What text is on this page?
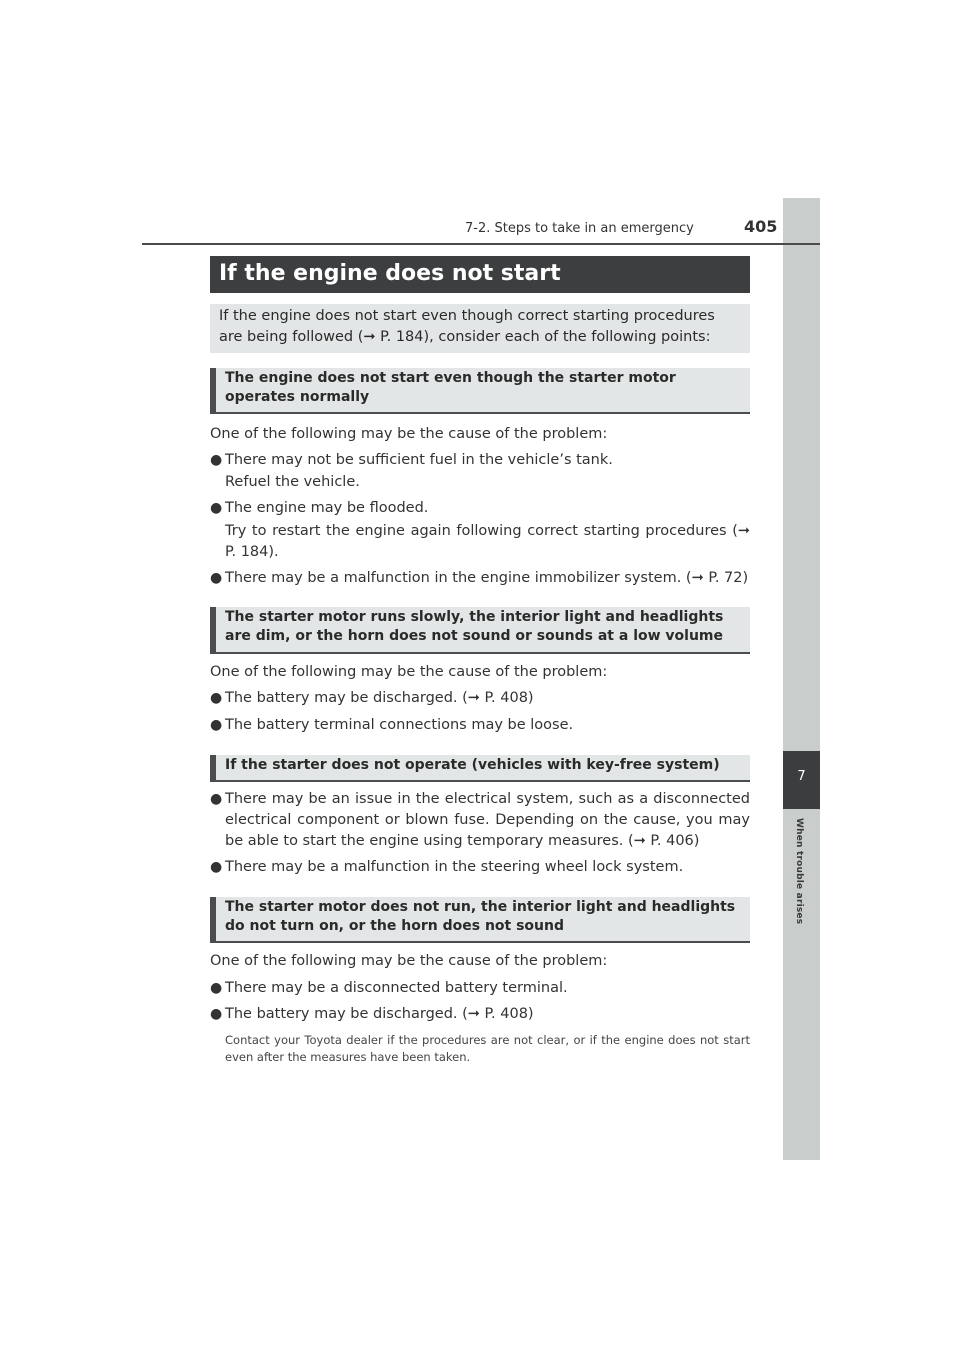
7
When trouble arises
7-2. Steps to take in an emergency	405
If the engine does not start
If the engine does not start even though correct starting procedures are being followed (➞ P. 184), consider each of the following points:
The engine does not start even though the starter motor operates normally
One of the following may be the cause of the problem:
● There may not be sufficient fuel in the vehicle’s tank.
Refuel the vehicle.
● The engine may be flooded.
Try to restart the engine again following correct starting procedures (➞ P. 184).
● There may be a malfunction in the engine immobilizer system. (➞ P. 72)
The starter motor runs slowly, the interior light and headlights are dim, or the horn does not sound or sounds at a low volume
One of the following may be the cause of the problem:
● The battery may be discharged. (➞ P. 408)
● The battery terminal connections may be loose.
If the starter does not operate (vehicles with key-free system)
● There may be an issue in the electrical system, such as a disconnected electrical component or blown fuse. Depending on the cause, you may be able to start the engine using temporary measures. (➞ P. 406)
● There may be a malfunction in the steering wheel lock system.
The starter motor does not run, the interior light and headlights do not turn on, or the horn does not sound
One of the following may be the cause of the problem:
● There may be a disconnected battery terminal.
● The battery may be discharged. (➞ P. 408)
Contact your Toyota dealer if the procedures are not clear, or if the engine does not start even after the measures have been taken.
